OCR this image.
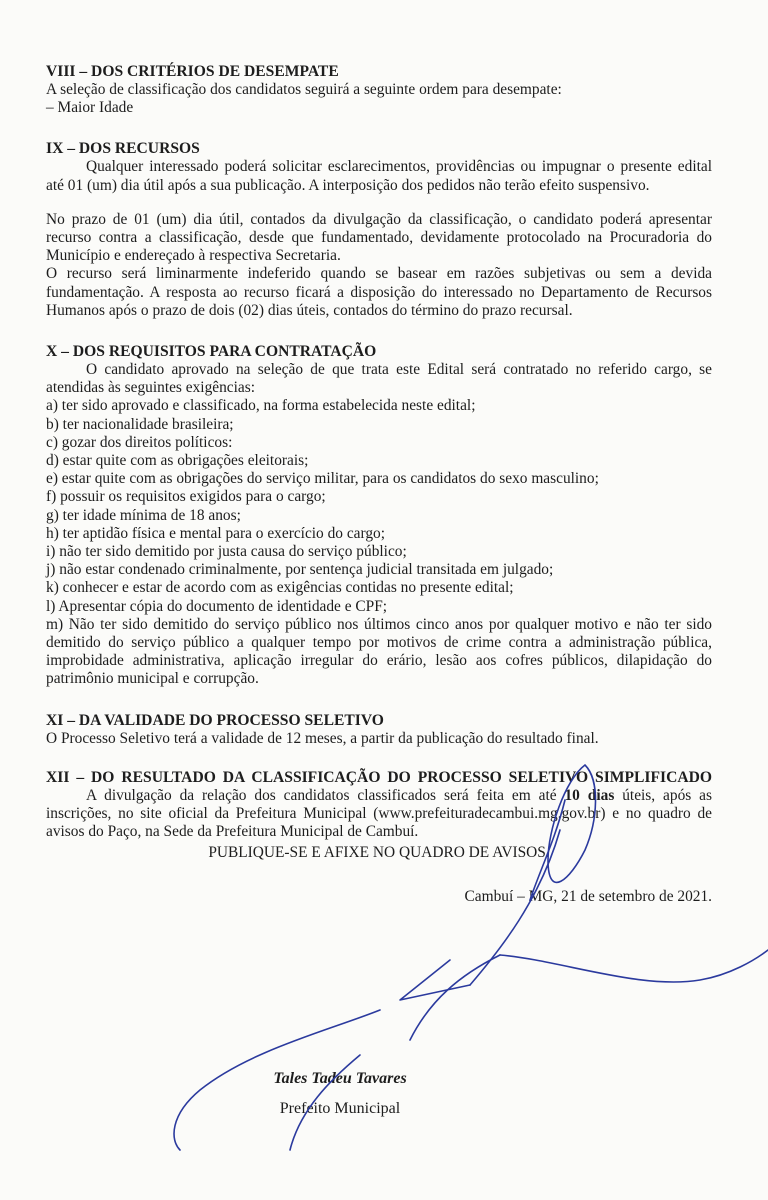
VIII – DOS CRITÉRIOS DE DESEMPATE

A seleção de classificação dos candidatos seguirá a seguinte ordem para desempate:

– Maior Idade

IX – DOS RECURSOS

Qualquer interessado poderá solicitar esclarecimentos, providências ou impugnar o presente edital até 01 (um) dia útil após a sua publicação. A interposição dos pedidos não terão efeito suspensivo.

No prazo de 01 (um) dia útil, contados da divulgação da classificação, o candidato poderá apresentar recurso contra a classificação, desde que fundamentado, devidamente protocolado na Procuradoria do Município e endereçado à respectiva Secretaria.

O recurso será liminarmente indeferido quando se basear em razões subjetivas ou sem a devida fundamentação. A resposta ao recurso ficará a disposição do interessado no Departamento de Recursos Humanos após o prazo de dois (02) dias úteis, contados do término do prazo recursal.

X – DOS REQUISITOS PARA CONTRATAÇÃO

O candidato aprovado na seleção de que trata este Edital será contratado no referido cargo, se atendidas às seguintes exigências:

a) ter sido aprovado e classificado, na forma estabelecida neste edital;

b) ter nacionalidade brasileira;

c) gozar dos direitos políticos:

d) estar quite com as obrigações eleitorais;

e) estar quite com as obrigações do serviço militar, para os candidatos do sexo masculino;

f) possuir os requisitos exigidos para o cargo;

g) ter idade mínima de 18 anos;

h) ter aptidão física e mental para o exercício do cargo;

i) não ter sido demitido por justa causa do serviço público;

j) não estar condenado criminalmente, por sentença judicial transitada em julgado;

k) conhecer e estar de acordo com as exigências contidas no presente edital;

l) Apresentar cópia do documento de identidade e CPF;

m) Não ter sido demitido do serviço público nos últimos cinco anos por qualquer motivo e não ter sido demitido do serviço público a qualquer tempo por motivos de crime contra a administração pública, improbidade administrativa, aplicação irregular do erário, lesão aos cofres públicos, dilapidação do patrimônio municipal e corrupção.

XI – DA VALIDADE DO PROCESSO SELETIVO

O Processo Seletivo terá a validade de 12 meses, a partir da publicação do resultado final.

XII – DO RESULTADO DA CLASSIFICAÇÃO DO PROCESSO SELETIVO SIMPLIFICADO

A divulgação da relação dos candidatos classificados será feita em até 10 dias úteis, após as inscrições, no site oficial da Prefeitura Municipal (www.prefeituradecambui.mg.gov.br) e no quadro de avisos do Paço, na Sede da Prefeitura Municipal de Cambuí.

PUBLIQUE-SE E AFIXE NO QUADRO DE AVISOS.

Cambuí – MG, 21 de setembro de 2021.

Tales Tadeu Tavares
Prefeito Municipal
